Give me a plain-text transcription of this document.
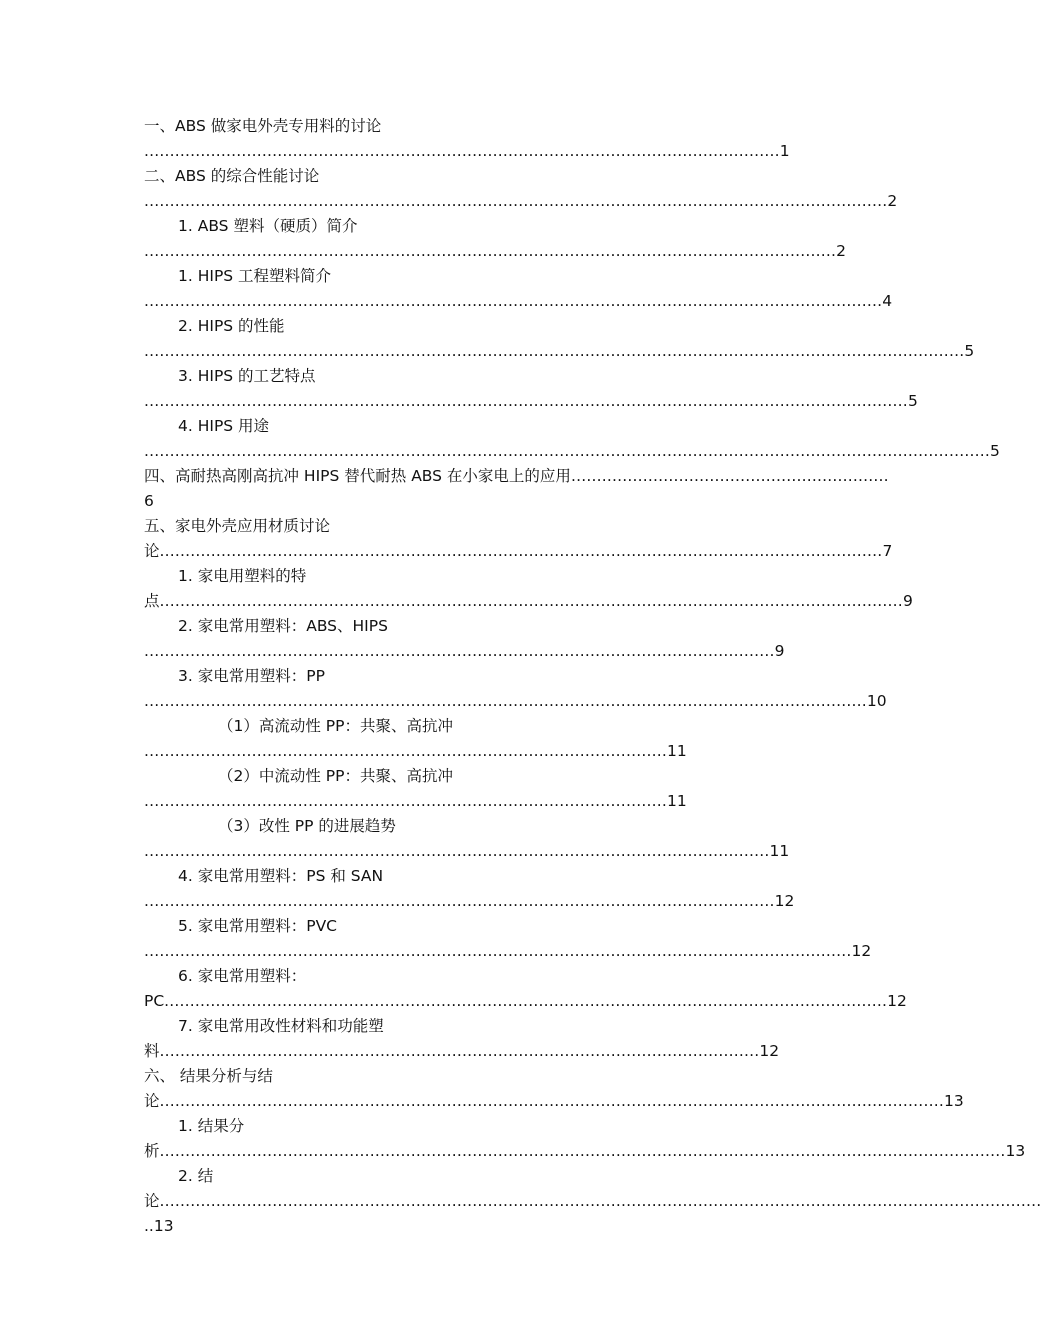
一、ABS 做家电外壳专用料的讨论
............................................................................................................................1
二、ABS 的综合性能讨论
.................................................................................................................................................2
1. ABS 塑料（硬质）简介
.......................................................................................................................................2
1. HIPS 工程塑料简介
................................................................................................................................................4
2. HIPS 的性能
................................................................................................................................................................5
3. HIPS 的工艺特点
.....................................................................................................................................................5
4. HIPS 用途
.....................................................................................................................................................................5
四、高耐热高刚高抗冲 HIPS 替代耐热 ABS 在小家电上的应用..............................................................
6
五、家电外壳应用材质讨论
论.............................................................................................................................................7
1. 家电用塑料的特
点.................................................................................................................................................9
2. 家电常用塑料：ABS、HIPS
...........................................................................................................................9
3. 家电常用塑料：PP
.............................................................................................................................................10
（1）高流动性 PP：共聚、高抗冲
......................................................................................................11
（2）中流动性 PP：共聚、高抗冲
......................................................................................................11
（3）改性 PP 的进展趋势
..........................................................................................................................11
4. 家电常用塑料：PS 和 SAN
...........................................................................................................................12
5. 家电常用塑料：PVC
..........................................................................................................................................12
6. 家电常用塑料：
PC.............................................................................................................................................12
7. 家电常用改性材料和功能塑
料.....................................................................................................................12
六、 结果分析与结
论.........................................................................................................................................................13
1. 结果分
析.....................................................................................................................................................................13
2. 结
论............................................................................................................................................................................
..13
